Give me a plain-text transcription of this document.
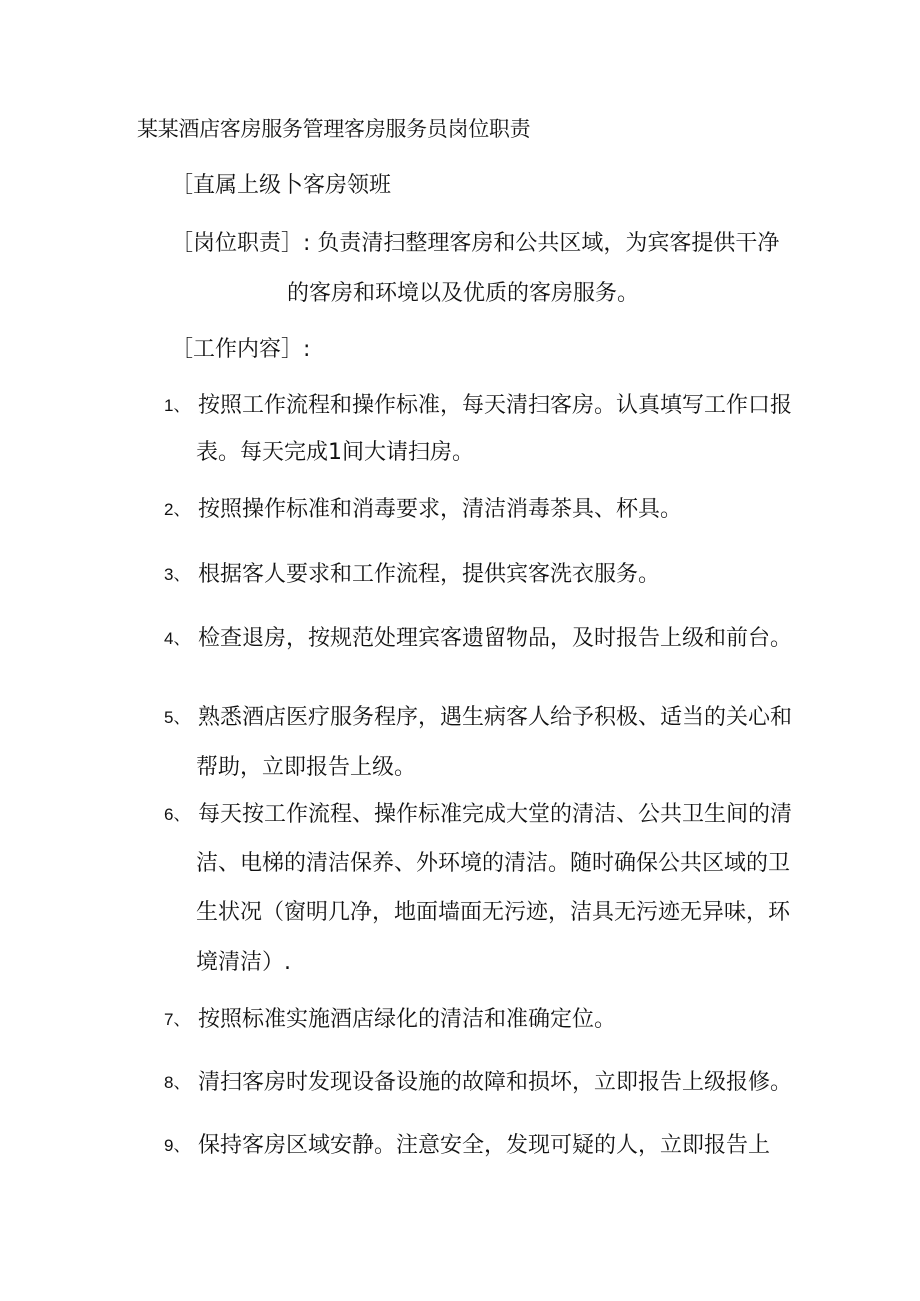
某某酒店客房服务管理客房服务员岗位职责
［直属上级卜客房领班
［岗位职责］: 负责清扫整理客房和公共区域，为宾客提供干净
的客房和环境以及优质的客房服务。
［工作内容］:
1、 按照工作流程和操作标准，每天清扫客房。认真填写工作口报
表。每天完成1间大请扫房。
2、 按照操作标准和消毒要求，清洁消毒茶具、杯具。
3、 根据客人要求和工作流程，提供宾客洗衣服务。
4、 检查退房，按规范处理宾客遗留物品，及时报告上级和前台。
5、 熟悉酒店医疗服务程序，遇生病客人给予积极、适当的关心和
帮助，立即报告上级。
6、 每天按工作流程、操作标准完成大堂的清洁、公共卫生间的清
洁、电梯的清洁保养、外环境的清洁。随时确保公共区域的卫
生状况（窗明几净，地面墙面无污迹，洁具无污迹无异味，环
境清洁）.
7、 按照标准实施酒店绿化的清洁和准确定位。
8、 清扫客房时发现设备设施的故障和损坏，立即报告上级报修。
9、 保持客房区域安静。注意安全，发现可疑的人，立即报告上
